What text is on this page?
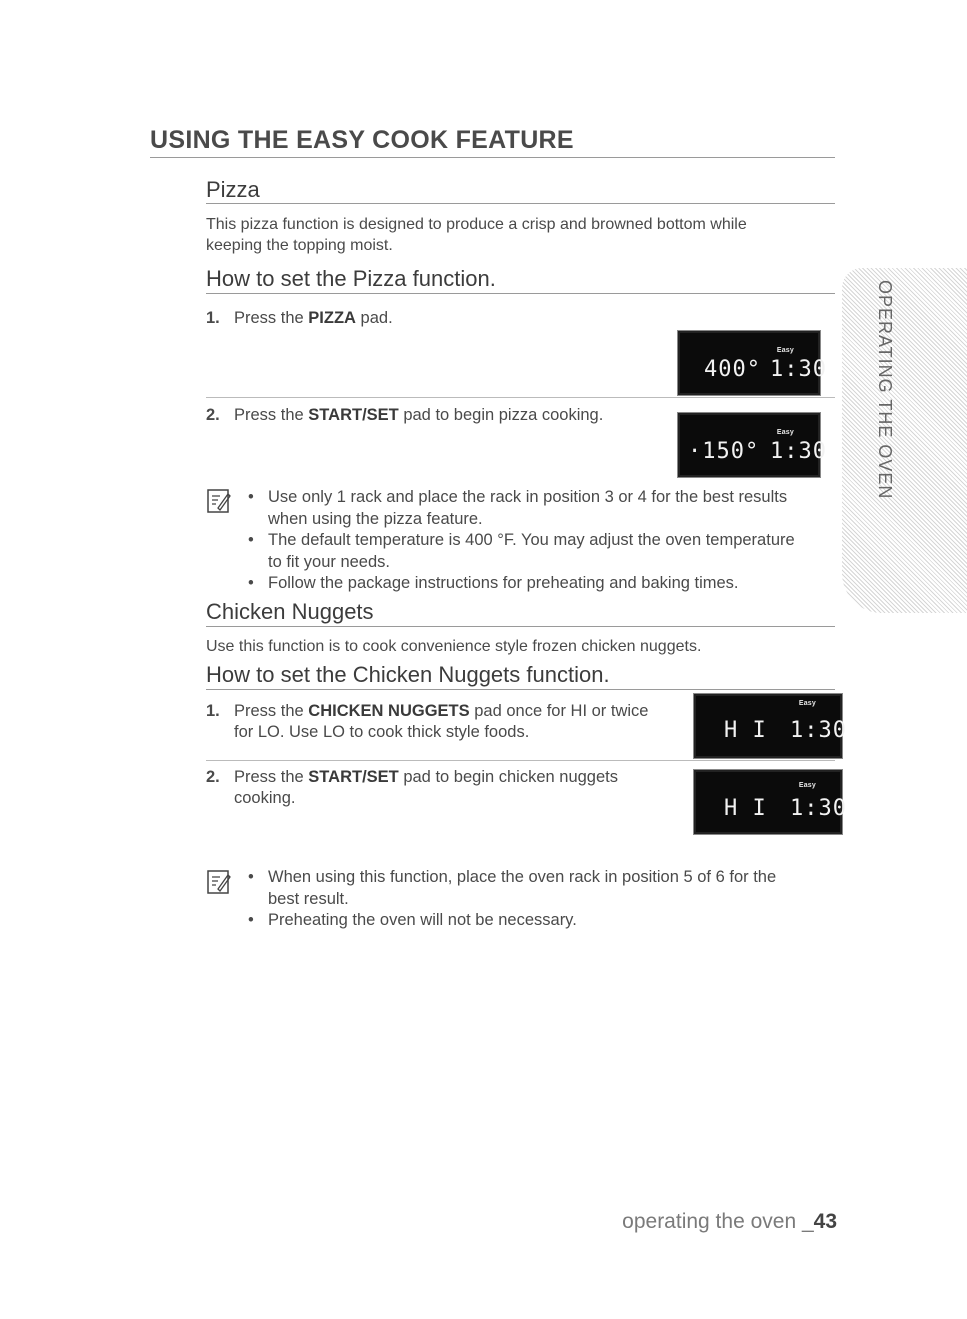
USING THE EASY COOK FEATURE
Pizza
This pizza function is designed to produce a crisp and browned bottom while
keeping the topping moist.
How to set the Pizza function.
1. Press the PIZZA pad.
Easy
400° 1:30
2. Press the START/SET pad to begin pizza cooking.
Easy
·150° 1:30
• Use only 1 rack and place the rack in position 3 or 4 for the best results
when using the pizza feature.
• The default temperature is 400 °F. You may adjust the oven temperature
to fit your needs.
• Follow the package instructions for preheating and baking times.
Chicken Nuggets
Use this function is to cook convenience style frozen chicken nuggets.
How to set the Chicken Nuggets function.
1. Press the CHICKEN NUGGETS pad once for HI or twice
for LO. Use LO to cook thick style foods.
Easy
H I 1:30
2. Press the START/SET pad to begin chicken nuggets
cooking.
Easy
H I 1:30
• When using this function, place the oven rack in position 5 of 6 for the
best result.
• Preheating the oven will not be necessary.
OPERATING THE OVEN
operating the oven _43
